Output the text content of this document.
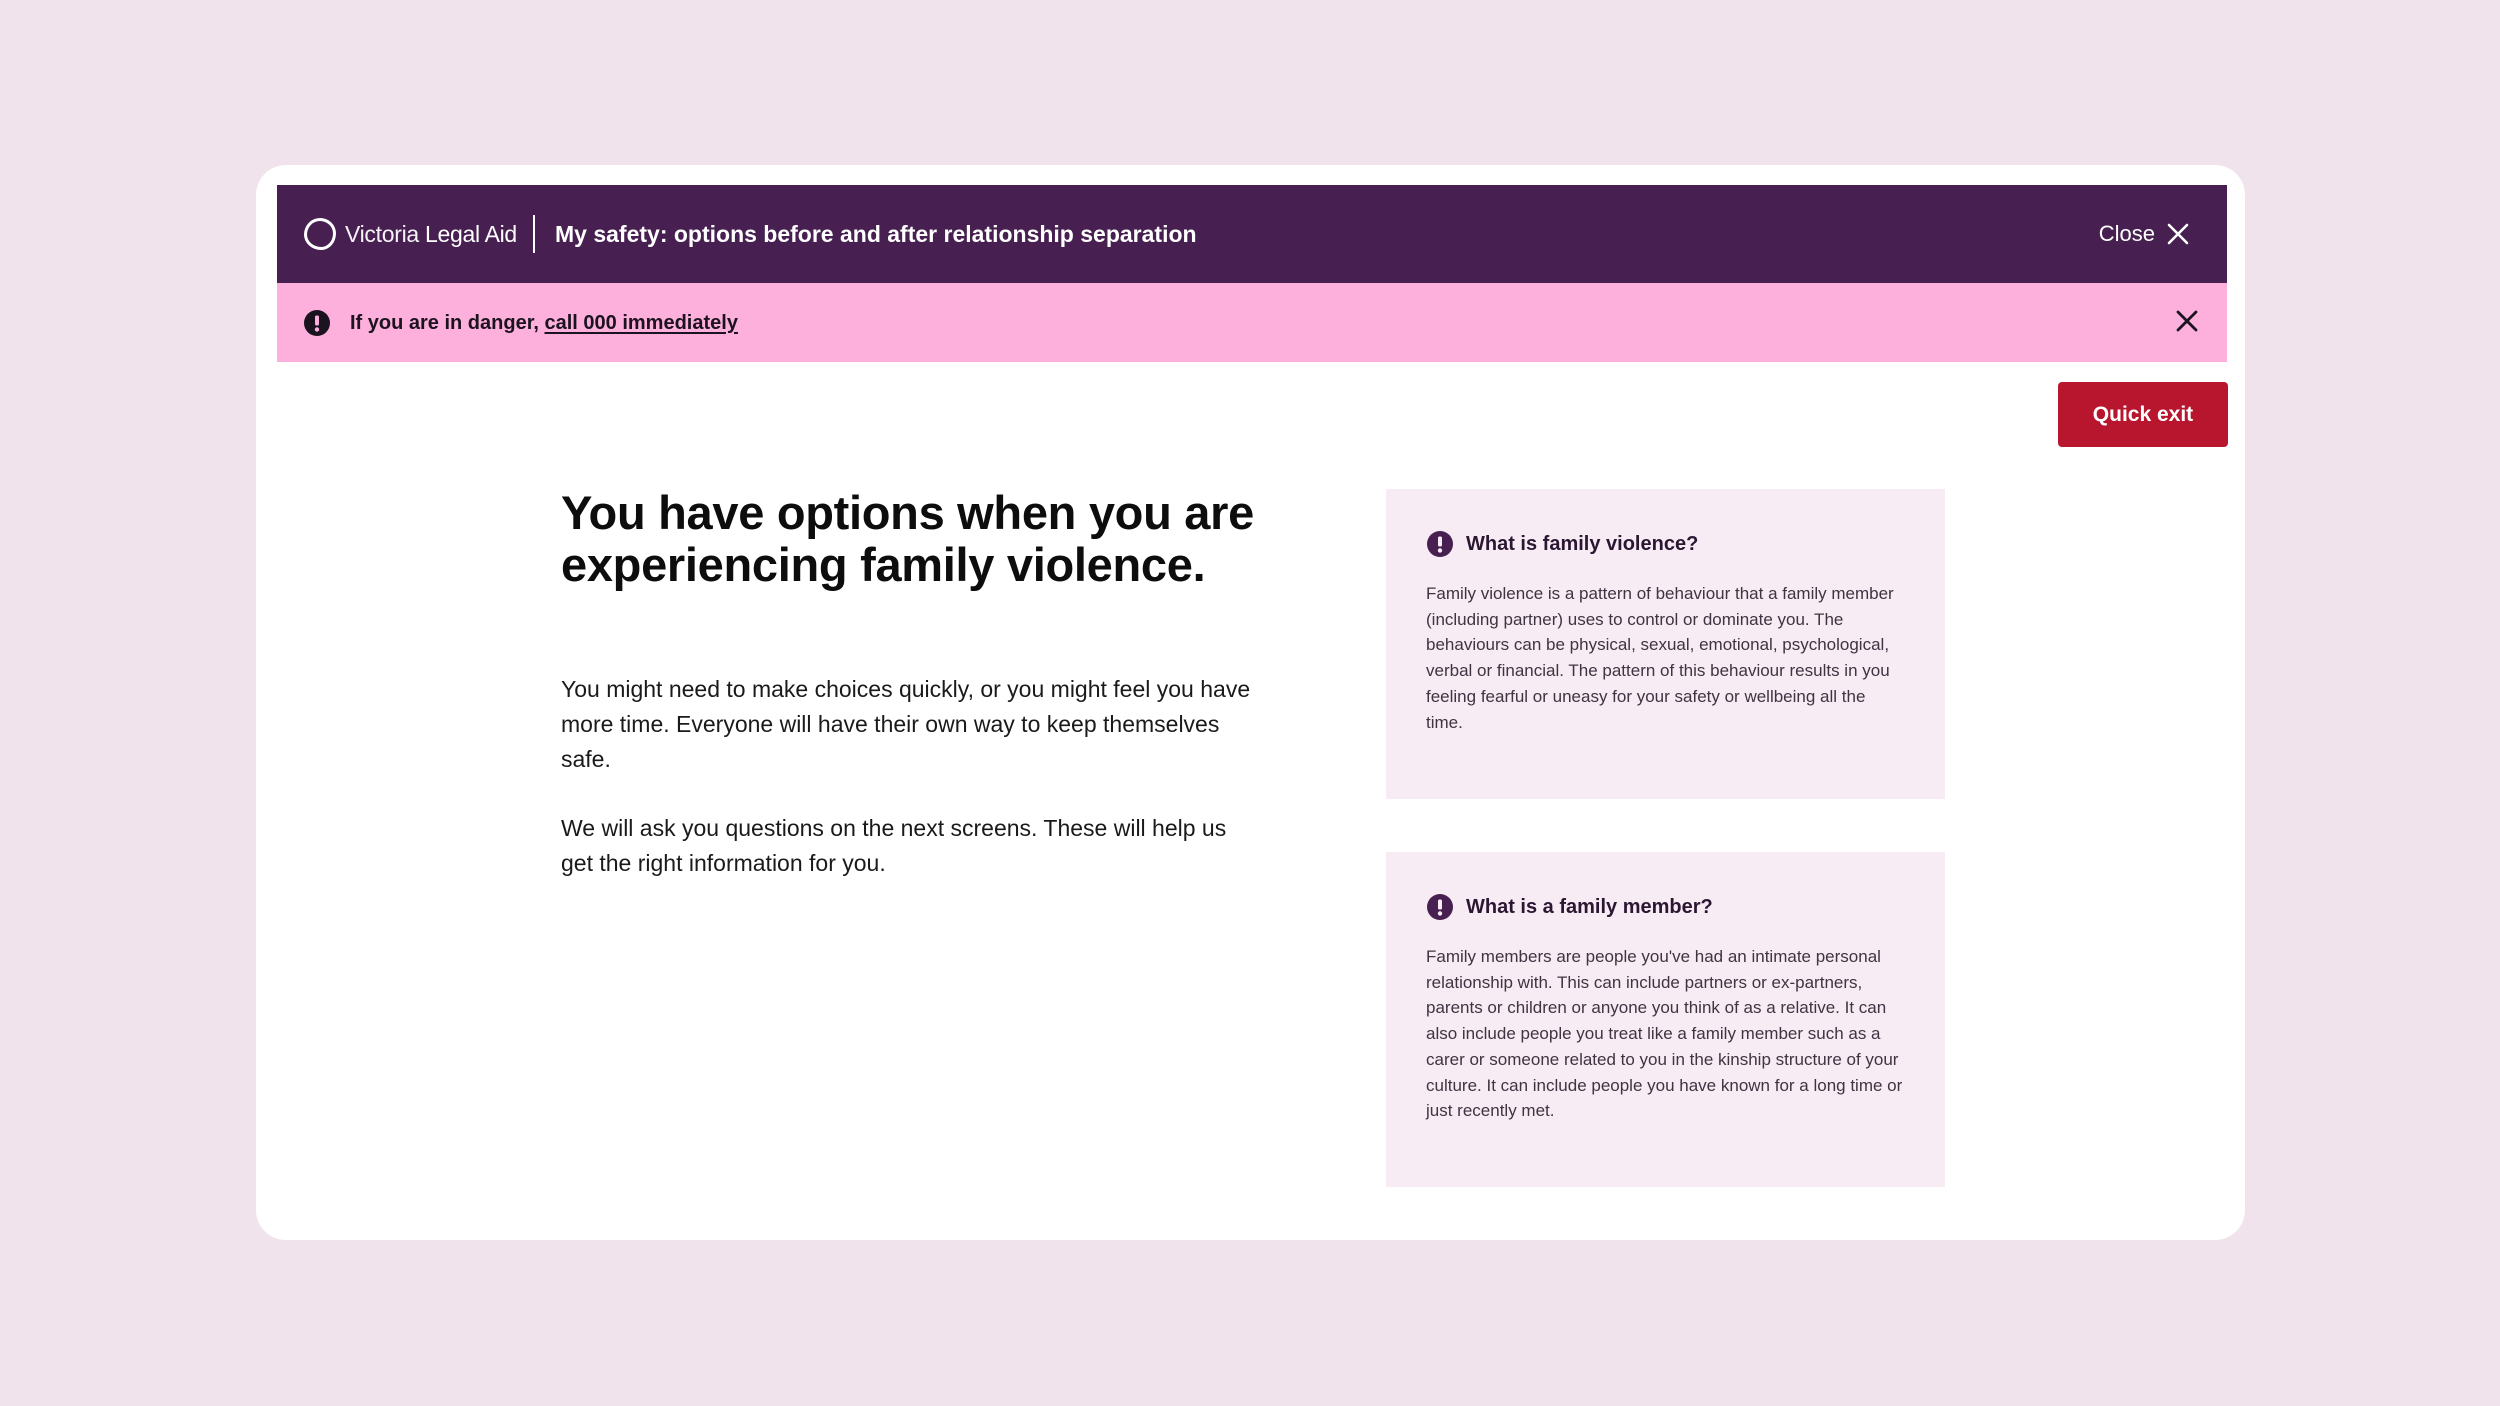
Victoria Legal Aid My safety: options before and after relationship separation	Close
If you are in danger, call 000 immediately
Quick exit
You have options when you are experiencing family violence.

You might need to make choices quickly, or you might feel you have more time. Everyone will have their own way to keep themselves safe.

We will ask you questions on the next screens. These will help us get the right information for you.

What is family violence?

Family violence is a pattern of behaviour that a family member (including partner) uses to control or dominate you. The behaviours can be physical, sexual, emotional, psychological, verbal or financial. The pattern of this behaviour results in you feeling fearful or uneasy for your safety or wellbeing all the time.

What is a family member?

Family members are people you've had an intimate personal relationship with. This can include partners or ex-partners, parents or children or anyone you think of as a relative. It can also include people you treat like a family member such as a carer or someone related to you in the kinship structure of your culture. It can include people you have known for a long time or just recently met.
